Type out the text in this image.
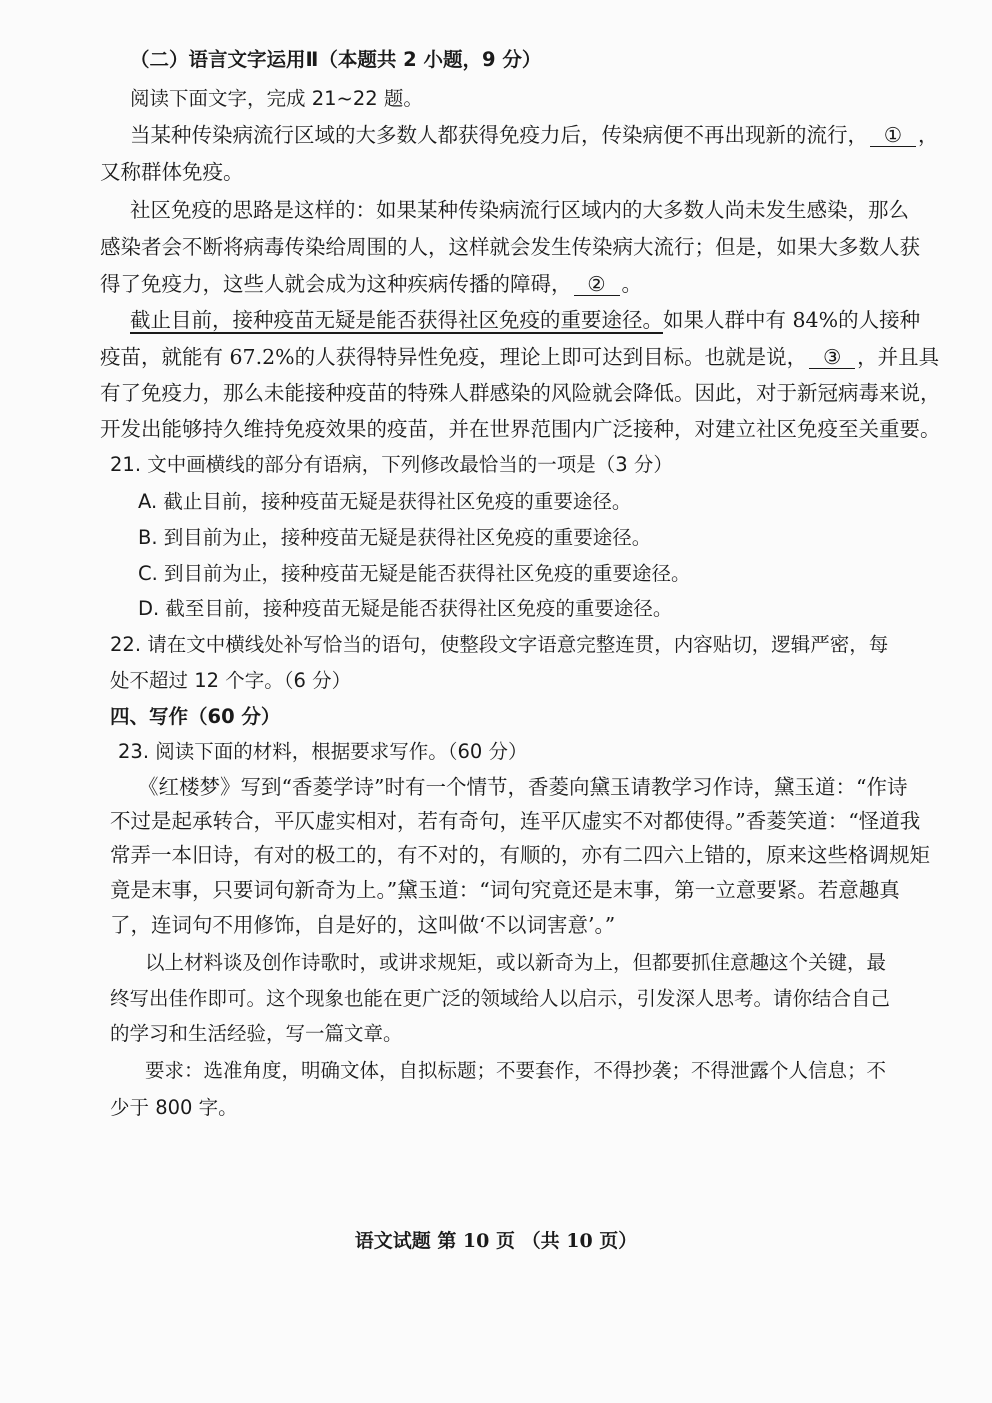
（二）语言文字运用Ⅱ（本题共 2 小题，9 分）
阅读下面文字，完成 21~22 题。
当某种传染病流行区域的大多数人都获得免疫力后，传染病便不再出现新的流行， ① ，
又称群体免疫。
社区免疫的思路是这样的：如果某种传染病流行区域内的大多数人尚未发生感染，那么
感染者会不断将病毒传染给周围的人，这样就会发生传染病大流行；但是，如果大多数人获
得了免疫力，这些人就会成为这种疾病传播的障碍， ② 。
截止目前，接种疫苗无疑是能否获得社区免疫的重要途径。如果人群中有 84%的人接种
疫苗，就能有 67.2%的人获得特异性免疫，理论上即可达到目标。也就是说， ③ ，并且具
有了免疫力，那么未能接种疫苗的特殊人群感染的风险就会降低。因此，对于新冠病毒来说，
开发出能够持久维持免疫效果的疫苗，并在世界范围内广泛接种，对建立社区免疫至关重要。
21. 文中画横线的部分有语病，下列修改最恰当的一项是（3 分）
A. 截止目前，接种疫苗无疑是获得社区免疫的重要途径。
B. 到目前为止，接种疫苗无疑是获得社区免疫的重要途径。
C. 到目前为止，接种疫苗无疑是能否获得社区免疫的重要途径。
D. 截至目前，接种疫苗无疑是能否获得社区免疫的重要途径。
22. 请在文中横线处补写恰当的语句，使整段文字语意完整连贯，内容贴切，逻辑严密，每
处不超过 12 个字。（6 分）
四、写作（60 分）
23. 阅读下面的材料，根据要求写作。（60 分）
《红楼梦》写到“香菱学诗”时有一个情节，香菱向黛玉请教学习作诗，黛玉道：“作诗
不过是起承转合，平仄虚实相对，若有奇句，连平仄虚实不对都使得。”香菱笑道：“怪道我
常弄一本旧诗，有对的极工的，有不对的，有顺的，亦有二四六上错的，原来这些格调规矩
竟是末事，只要词句新奇为上。”黛玉道：“词句究竟还是末事，第一立意要紧。若意趣真
了，连词句不用修饰，自是好的，这叫做‘不以词害意’。”
以上材料谈及创作诗歌时，或讲求规矩，或以新奇为上，但都要抓住意趣这个关键，最
终写出佳作即可。这个现象也能在更广泛的领域给人以启示，引发深人思考。请你结合自己
的学习和生活经验，写一篇文章。
要求：选准角度，明确文体，自拟标题；不要套作，不得抄袭；不得泄露个人信息；不
少于 800 字。
语文试题 第 10 页 （共 10 页）
